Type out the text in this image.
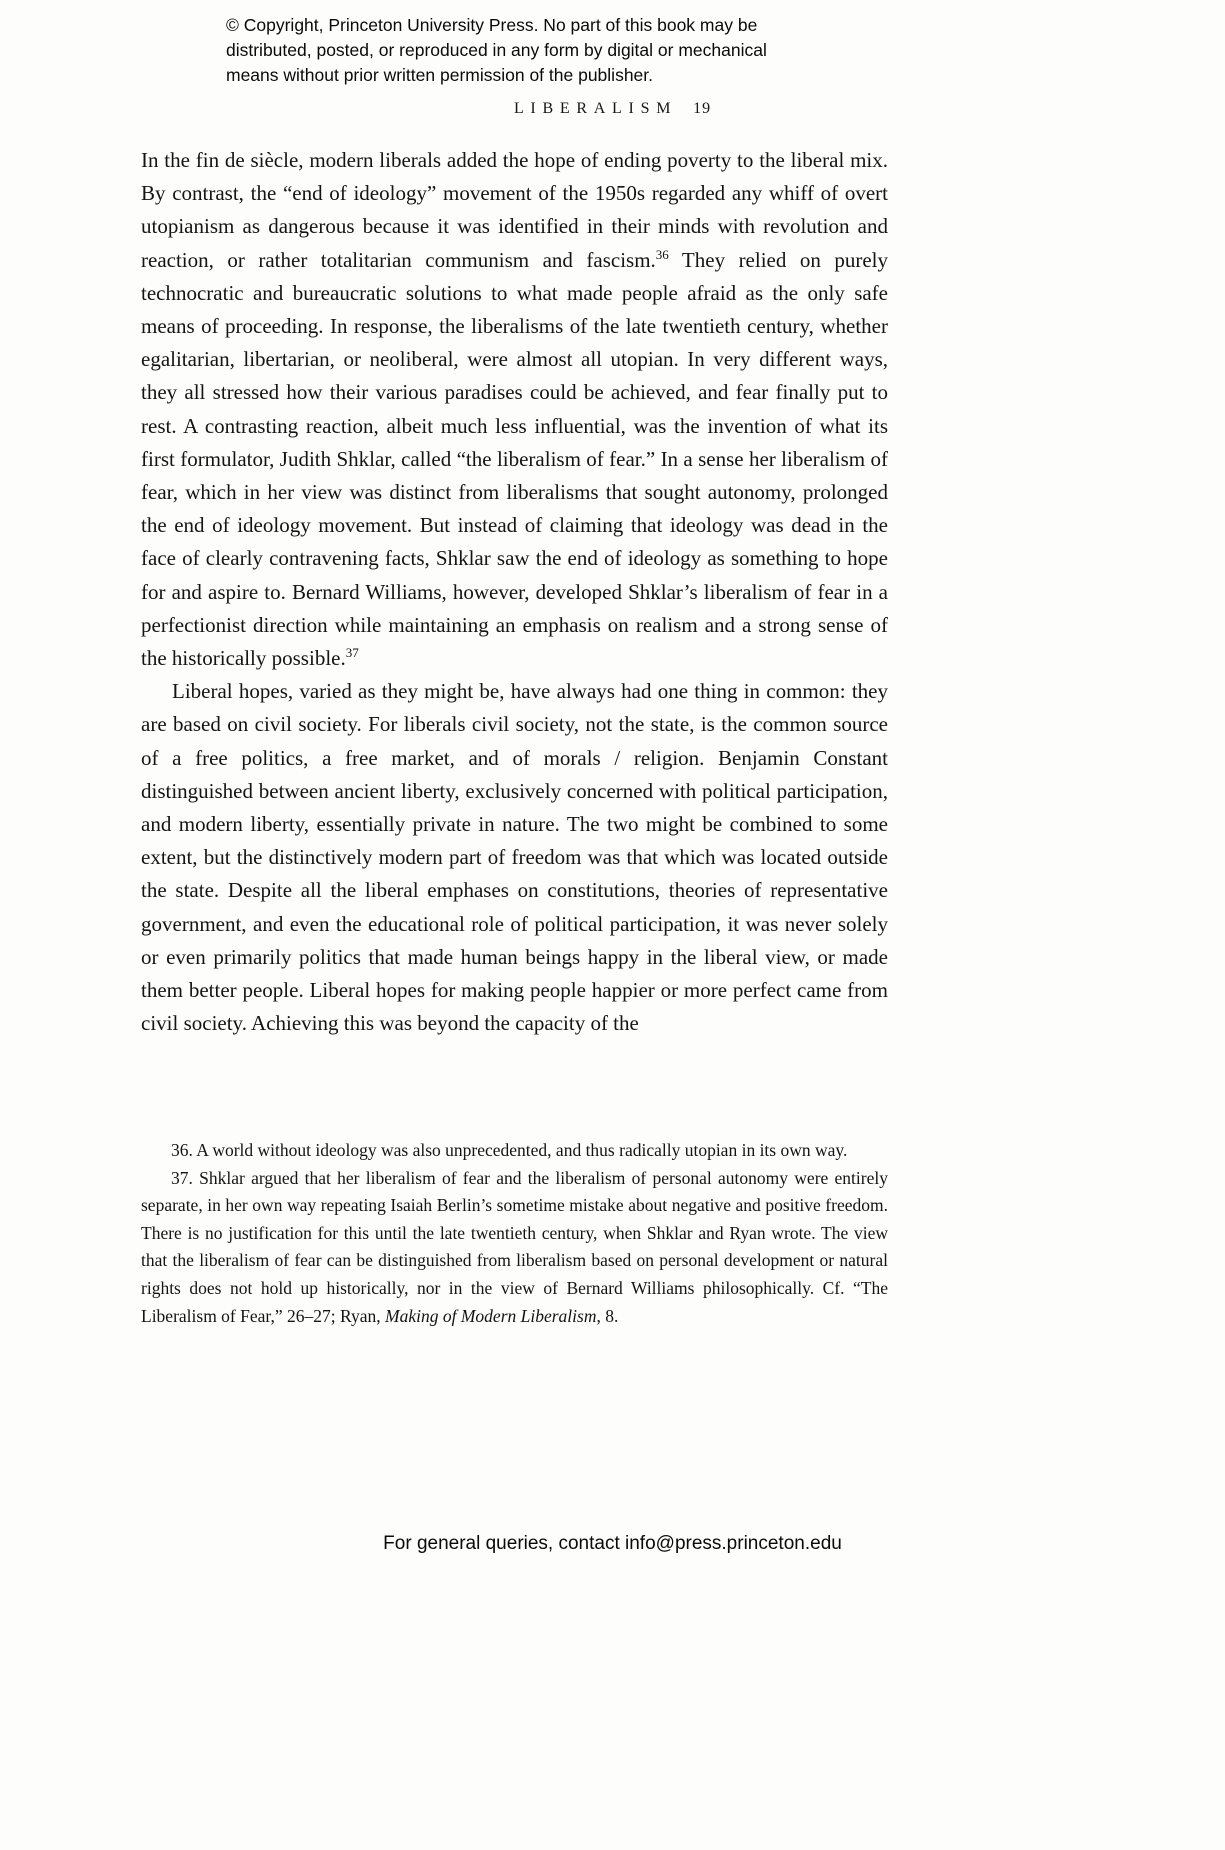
© Copyright, Princeton University Press. No part of this book may be
distributed, posted, or reproduced in any form by digital or mechanical
means without prior written permission of the publisher.
LIBERALISM 19

In the fin de siècle, modern liberals added the hope of ending poverty to the liberal mix. By contrast, the “end of ideology” movement of the 1950s regarded any whiff of overt utopianism as dangerous because it was identified in their minds with revolution and reaction, or rather totalitarian communism and fascism.$^{36}$ They relied on purely technocratic and bureaucratic solutions to what made people afraid as the only safe means of proceeding. In response, the liberalisms of the late twentieth century, whether egalitarian, libertarian, or neoliberal, were almost all utopian. In very different ways, they all stressed how their various paradises could be achieved, and fear finally put to rest. A contrasting reaction, albeit much less influential, was the invention of what its first formulator, Judith Shklar, called “the liberalism of fear.” In a sense her liberalism of fear, which in her view was distinct from liberalisms that sought autonomy, prolonged the end of ideology movement. But instead of claiming that ideology was dead in the face of clearly contravening facts, Shklar saw the end of ideology as something to hope for and aspire to. Bernard Williams, however, developed Shklar’s liberalism of fear in a perfectionist direction while maintaining an emphasis on realism and a strong sense of the historically possible.$^{37}$

Liberal hopes, varied as they might be, have always had one thing in common: they are based on civil society. For liberals civil society, not the state, is the common source of a free politics, a free market, and of morals / religion. Benjamin Constant distinguished between ancient liberty, exclusively concerned with political participation, and modern liberty, essentially private in nature. The two might be combined to some extent, but the distinctively modern part of freedom was that which was located outside the state. Despite all the liberal emphases on constitutions, theories of representative government, and even the educational role of political participation, it was never solely or even primarily politics that made human beings happy in the liberal view, or made them better people. Liberal hopes for making people happier or more perfect came from civil society. Achieving this was beyond the capacity of the

36. A world without ideology was also unprecedented, and thus radically utopian in its own way.

37. Shklar argued that her liberalism of fear and the liberalism of personal autonomy were entirely separate, in her own way repeating Isaiah Berlin’s sometime mistake about negative and positive freedom. There is no justification for this until the late twentieth century, when Shklar and Ryan wrote. The view that the liberalism of fear can be distinguished from liberalism based on personal development or natural rights does not hold up historically, nor in the view of Bernard Williams philosophically. Cf. “The Liberalism of Fear,” 26–27; Ryan, Making of Modern Liberalism, 8.

For general queries, contact info@press.princeton.edu
